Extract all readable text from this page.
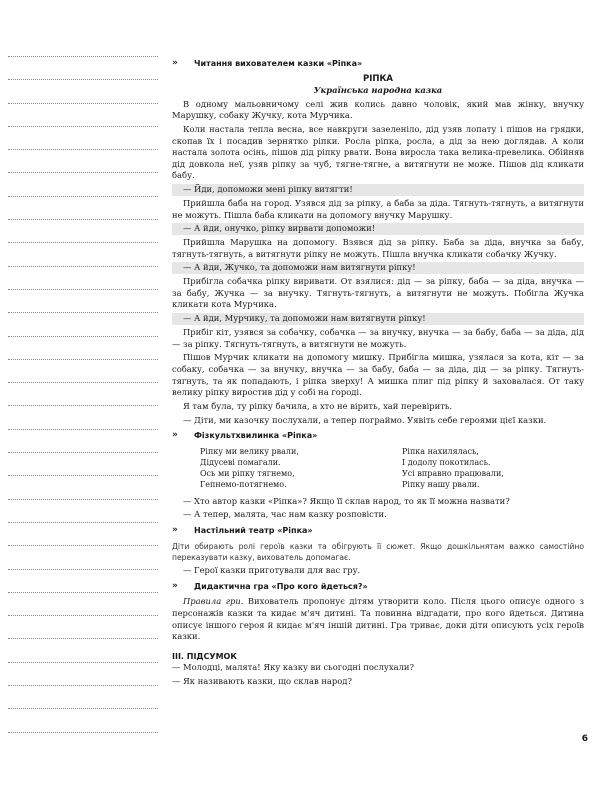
»	Читання вихователем казки «Ріпка»
РІПКА
Українська народна казка

В одному мальовничому селі жив колись давно чоловік, який мав жінку, внучку Марушку, собаку Жучку, кота Мурчика.

Коли настала тепла весна, все навкруги зазеленіло, дід узяв лопату і пішов на грядки, скопав їх і посадив зернятко ріпки. Росла ріпка, росла, а дід за нею доглядав. А коли настала золота осінь, пішов дід ріпку рвати. Вона виросла така велика-превелика. Обійняв дід довкола неї, узяв ріпку за чуб, тягне-тягне, а витягнути не може. Пішов дід кликати бабу.

— Йди, допоможи мені ріпку витягти!

Прийшла баба на город. Узявся дід за ріпку, а баба за діда. Тягнуть-тягнуть, а витягнути не можуть. Пішла баба кликати на допомогу внучку Марушку.

— А йди, онучко, ріпку вирвати допоможи!

Прийшла Марушка на допомогу. Взявся дід за ріпку. Баба за діда, внучка за бабу, тягнуть-тягнуть, а витягнути ріпку не можуть. Пішла внучка кликати собачку Жучку.

— А йди, Жучко, та допоможи нам витягнути ріпку!

Прибігла собачка ріпку виривати. От взялися: дід — за ріпку, баба — за діда, внучка — за бабу, Жучка — за внучку. Тягнуть-тягнуть, а витягнути не можуть. Побігла Жучка кликати кота Мурчика.

— А йди, Мурчику, та допоможи нам витягнути ріпку!

Прибіг кіт, узявся за собачку, собачка — за внучку, внучка — за бабу, баба — за діда, дід — за ріпку. Тягнуть-тягнуть, а витягнути не можуть.

Пішов Мурчик кликати на допомогу мишку. Прибігла мишка, узялася за кота, кіт — за собаку, собачка — за внучку, внучка — за бабу, баба — за діда, дід — за ріпку. Тягнуть-тягнуть, та як попадають, і ріпка зверху! А мишка плиг під ріпку й заховалася. От таку велику ріпку виростив дід у собі на городі.

Я там була, ту ріпку бачила, а хто не вірить, хай перевірить.

— Діти, ми казочку послухали, а тепер пограймо. Уявіть себе героями цієї казки.

»	Фізкультхвилинка «Ріпка»
Ріпку ми велику рвали,
Дідусеві помагали.
Ось ми ріпку тягнемо,
Гепнемо-потягнемо.
Ріпка нахилялась,
І додолу покотилась.
Усі вправно працювали,
Ріпку нашу рвали.

— Хто автор казки «Ріпка»? Якщо її склав народ, то як її можна назвати?

— А тепер, малята, час нам казку розповісти.

»	Настільний театр «Ріпка»

Діти обирають ролі героїв казки та обігрують її сюжет. Якщо дошкільнятам важко самостійно переказувати казку, вихователь допомагає.

— Герої казки приготували для вас гру.

»	Дидактична гра «Про кого йдеться?»

Правила гри. Вихователь пропонує дітям утворити коло. Після цього описує одного з персонажів казки та кидає м'яч дитині. Та повинна відгадати, про кого йдеться. Дитина описує іншого героя й кидає м'яч іншій дитині. Гра триває, доки діти описують усіх героїв казки.

ІІІ. ПІДСУМОК

— Молодці, малята! Яку казку ви сьогодні послухали?

— Як називають казки, що склав народ?

6
